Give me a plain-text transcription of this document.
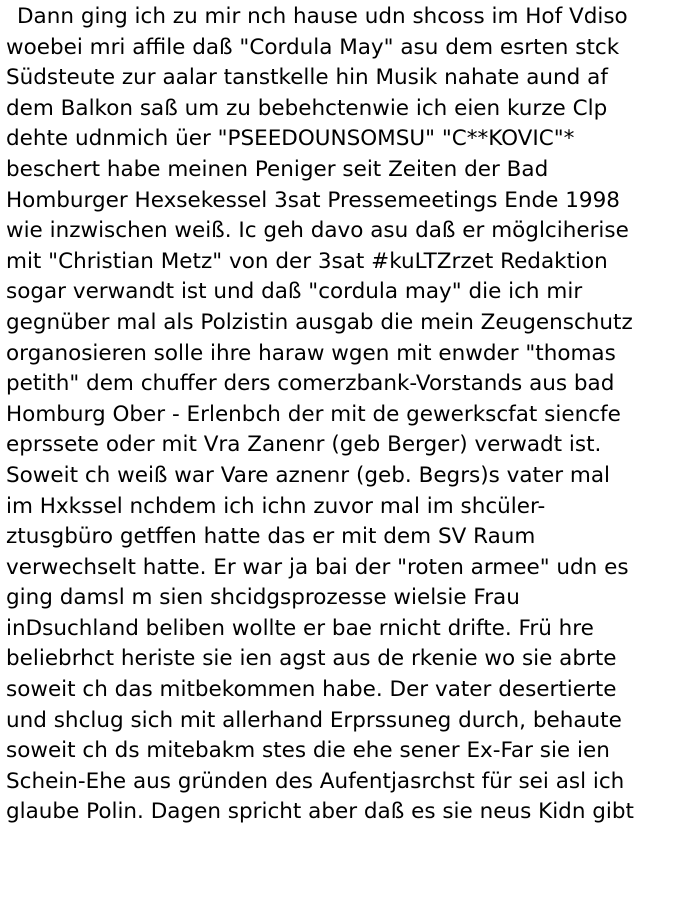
Dann ging ich zu mir nch hause udn shcoss im Hof Vdiso
woebei mri affile daß "Cordula May" asu dem esrten stck
Südsteute zur aalar tanstkelle hin Musik nahate aund af
dem Balkon saß um zu bebehctenwie ich eien kurze Clp
dehte udnmich üer "PSEEDOUNSOMSU" "C**KOVIC"*
beschert habe meinen Peniger seit Zeiten der Bad
Homburger Hexsekessel 3sat Pressemeetings Ende 1998
wie inzwischen weiß. Ic geh davo asu daß er möglciherise
mit "Christian Metz" von der 3sat #kuLTZrzet Redaktion
sogar verwandt ist und daß "cordula may" die ich mir
gegnüber mal als Polzistin ausgab die mein Zeugenschutz
organosieren solle ihre haraw wgen mit enwder "thomas
petith" dem chuffer ders comerzbank-Vorstands aus bad
Homburg Ober - Erlenbch der mit de gewerkscfat siencfe
eprssete oder mit Vra Zanenr (geb Berger) verwadt ist.
Soweit ch weiß war Vare aznenr (geb. Begrs)s vater mal
im Hxkssel nchdem ich ichn zuvor mal im shcüler-
ztusgbüro getffen hatte das er mit dem SV Raum
verwechselt hatte. Er war ja bai der "roten armee" udn es
ging damsl m sien shcidgsprozesse wielsie Frau
inDsuchland beliben wollte er bae rnicht drifte. Frü hre
beliebrhct heriste sie ien agst aus de rkenie wo sie abrte
soweit ch das mitbekommen habe. Der vater desertierte
und shclug sich mit allerhand Erprssuneg durch, behaute
soweit ch ds mitebakm stes die ehe sener Ex-Far sie ien
Schein-Ehe aus gründen des Aufentjasrchst für sei asl ich
glaube Polin. Dagen spricht aber daß es sie neus Kidn gibt
